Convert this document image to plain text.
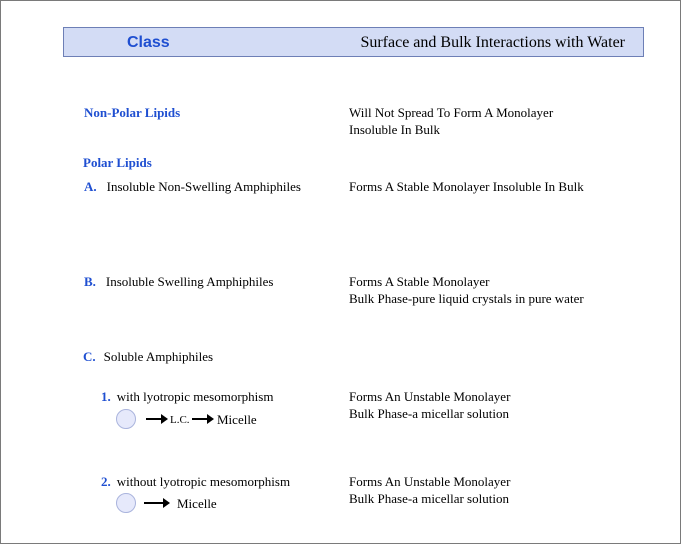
Class	Surface and Bulk Interactions with Water
Non-Polar Lipids	Will Not Spread To Form A Monolayer
Insoluble In Bulk
Polar Lipids
A. Insoluble Non-Swelling Amphiphiles	Forms A Stable Monolayer Insoluble In Bulk
B. Insoluble Swelling Amphiphiles	Forms A Stable Monolayer
Bulk Phase-pure liquid crystals in pure water
C. Soluble Amphiphiles
1. with lyotropic mesomorphism	Forms An Unstable Monolayer
Bulk Phase-a micellar solution
L.C. Micelle
2. without lyotropic mesomorphism	Forms An Unstable Monolayer
Bulk Phase-a micellar solution
Micelle
